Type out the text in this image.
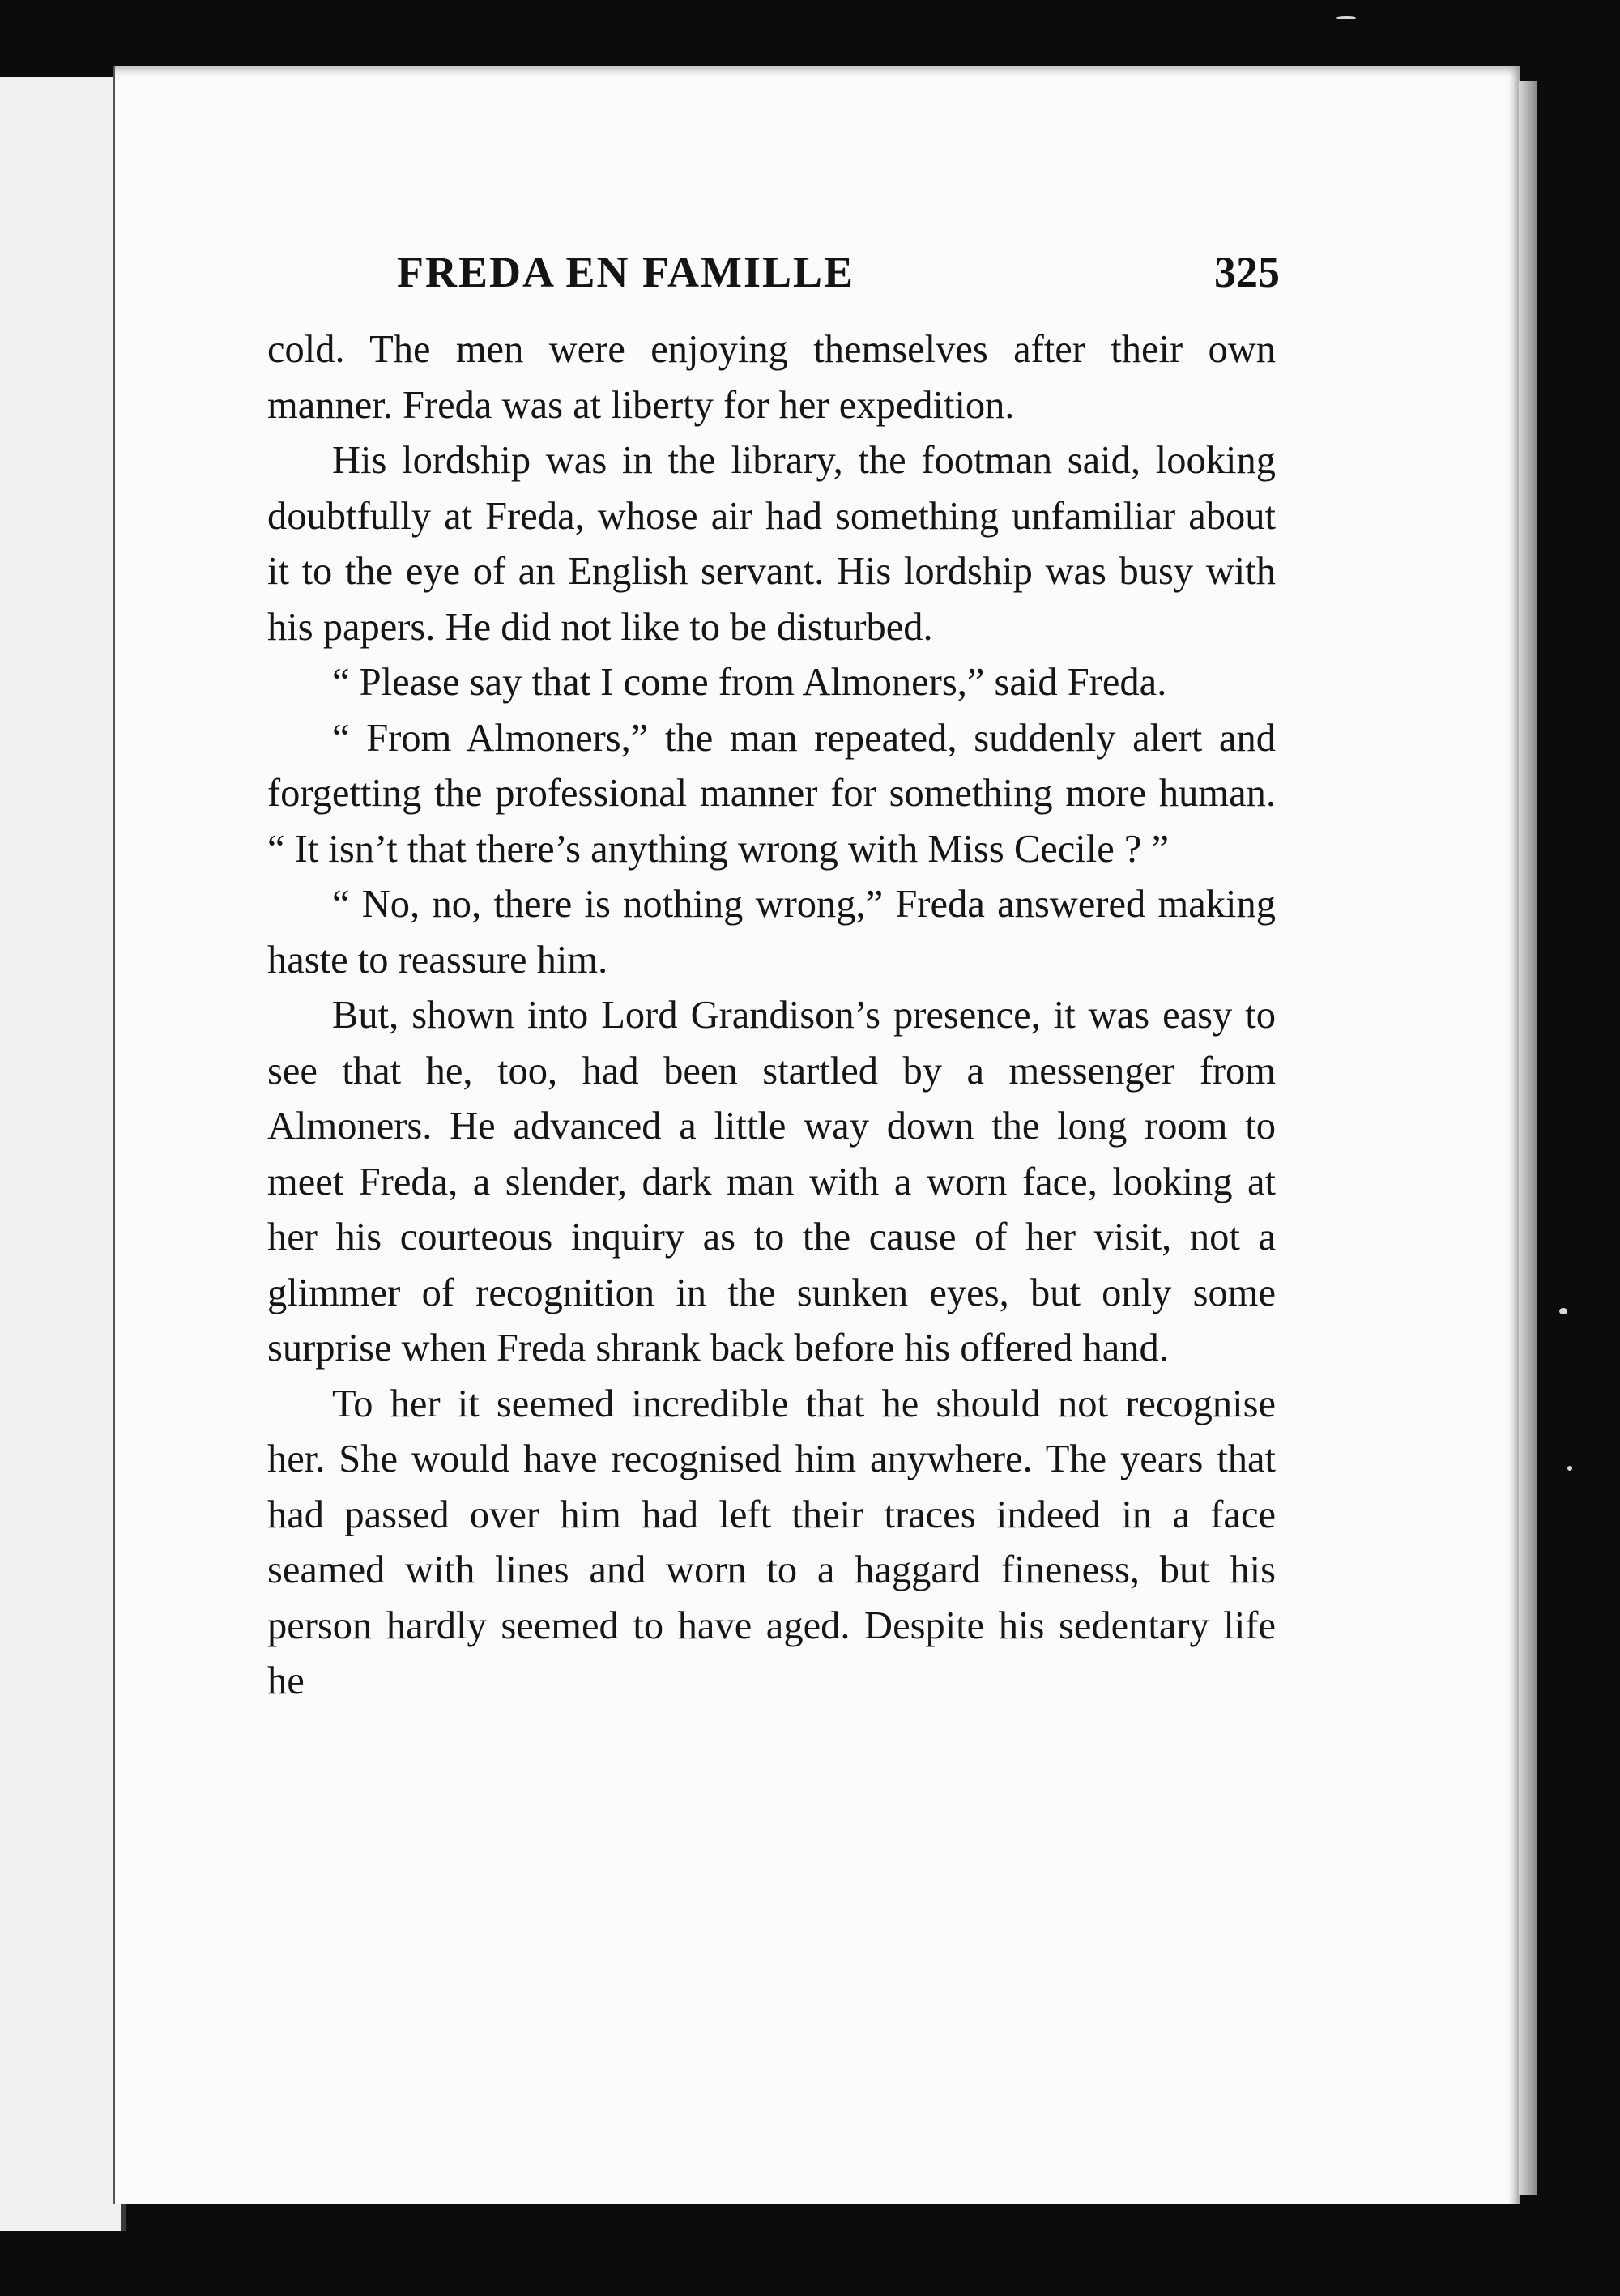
FREDA EN FAMILLE	325

cold. The men were enjoying themselves after their own manner. Freda was at liberty for her expedition.

His lordship was in the library, the footman said, looking doubtfully at Freda, whose air had something unfamiliar about it to the eye of an English servant. His lordship was busy with his papers. He did not like to be disturbed.

“ Please say that I come from Almoners,” said Freda.

“ From Almoners,” the man repeated, suddenly alert and forgetting the professional manner for something more human. “ It isn’t that there’s anything wrong with Miss Cecile ? ”

“ No, no, there is nothing wrong,” Freda answered making haste to reassure him.

But, shown into Lord Grandison’s presence, it was easy to see that he, too, had been startled by a messenger from Almoners. He advanced a little way down the long room to meet Freda, a slender, dark man with a worn face, looking at her his courteous inquiry as to the cause of her visit, not a glimmer of recognition in the sunken eyes, but only some surprise when Freda shrank back before his offered hand.

To her it seemed incredible that he should not recognise her. She would have recognised him anywhere. The years that had passed over him had left their traces indeed in a face seamed with lines and worn to a haggard fineness, but his person hardly seemed to have aged. Despite his sedentary life he
